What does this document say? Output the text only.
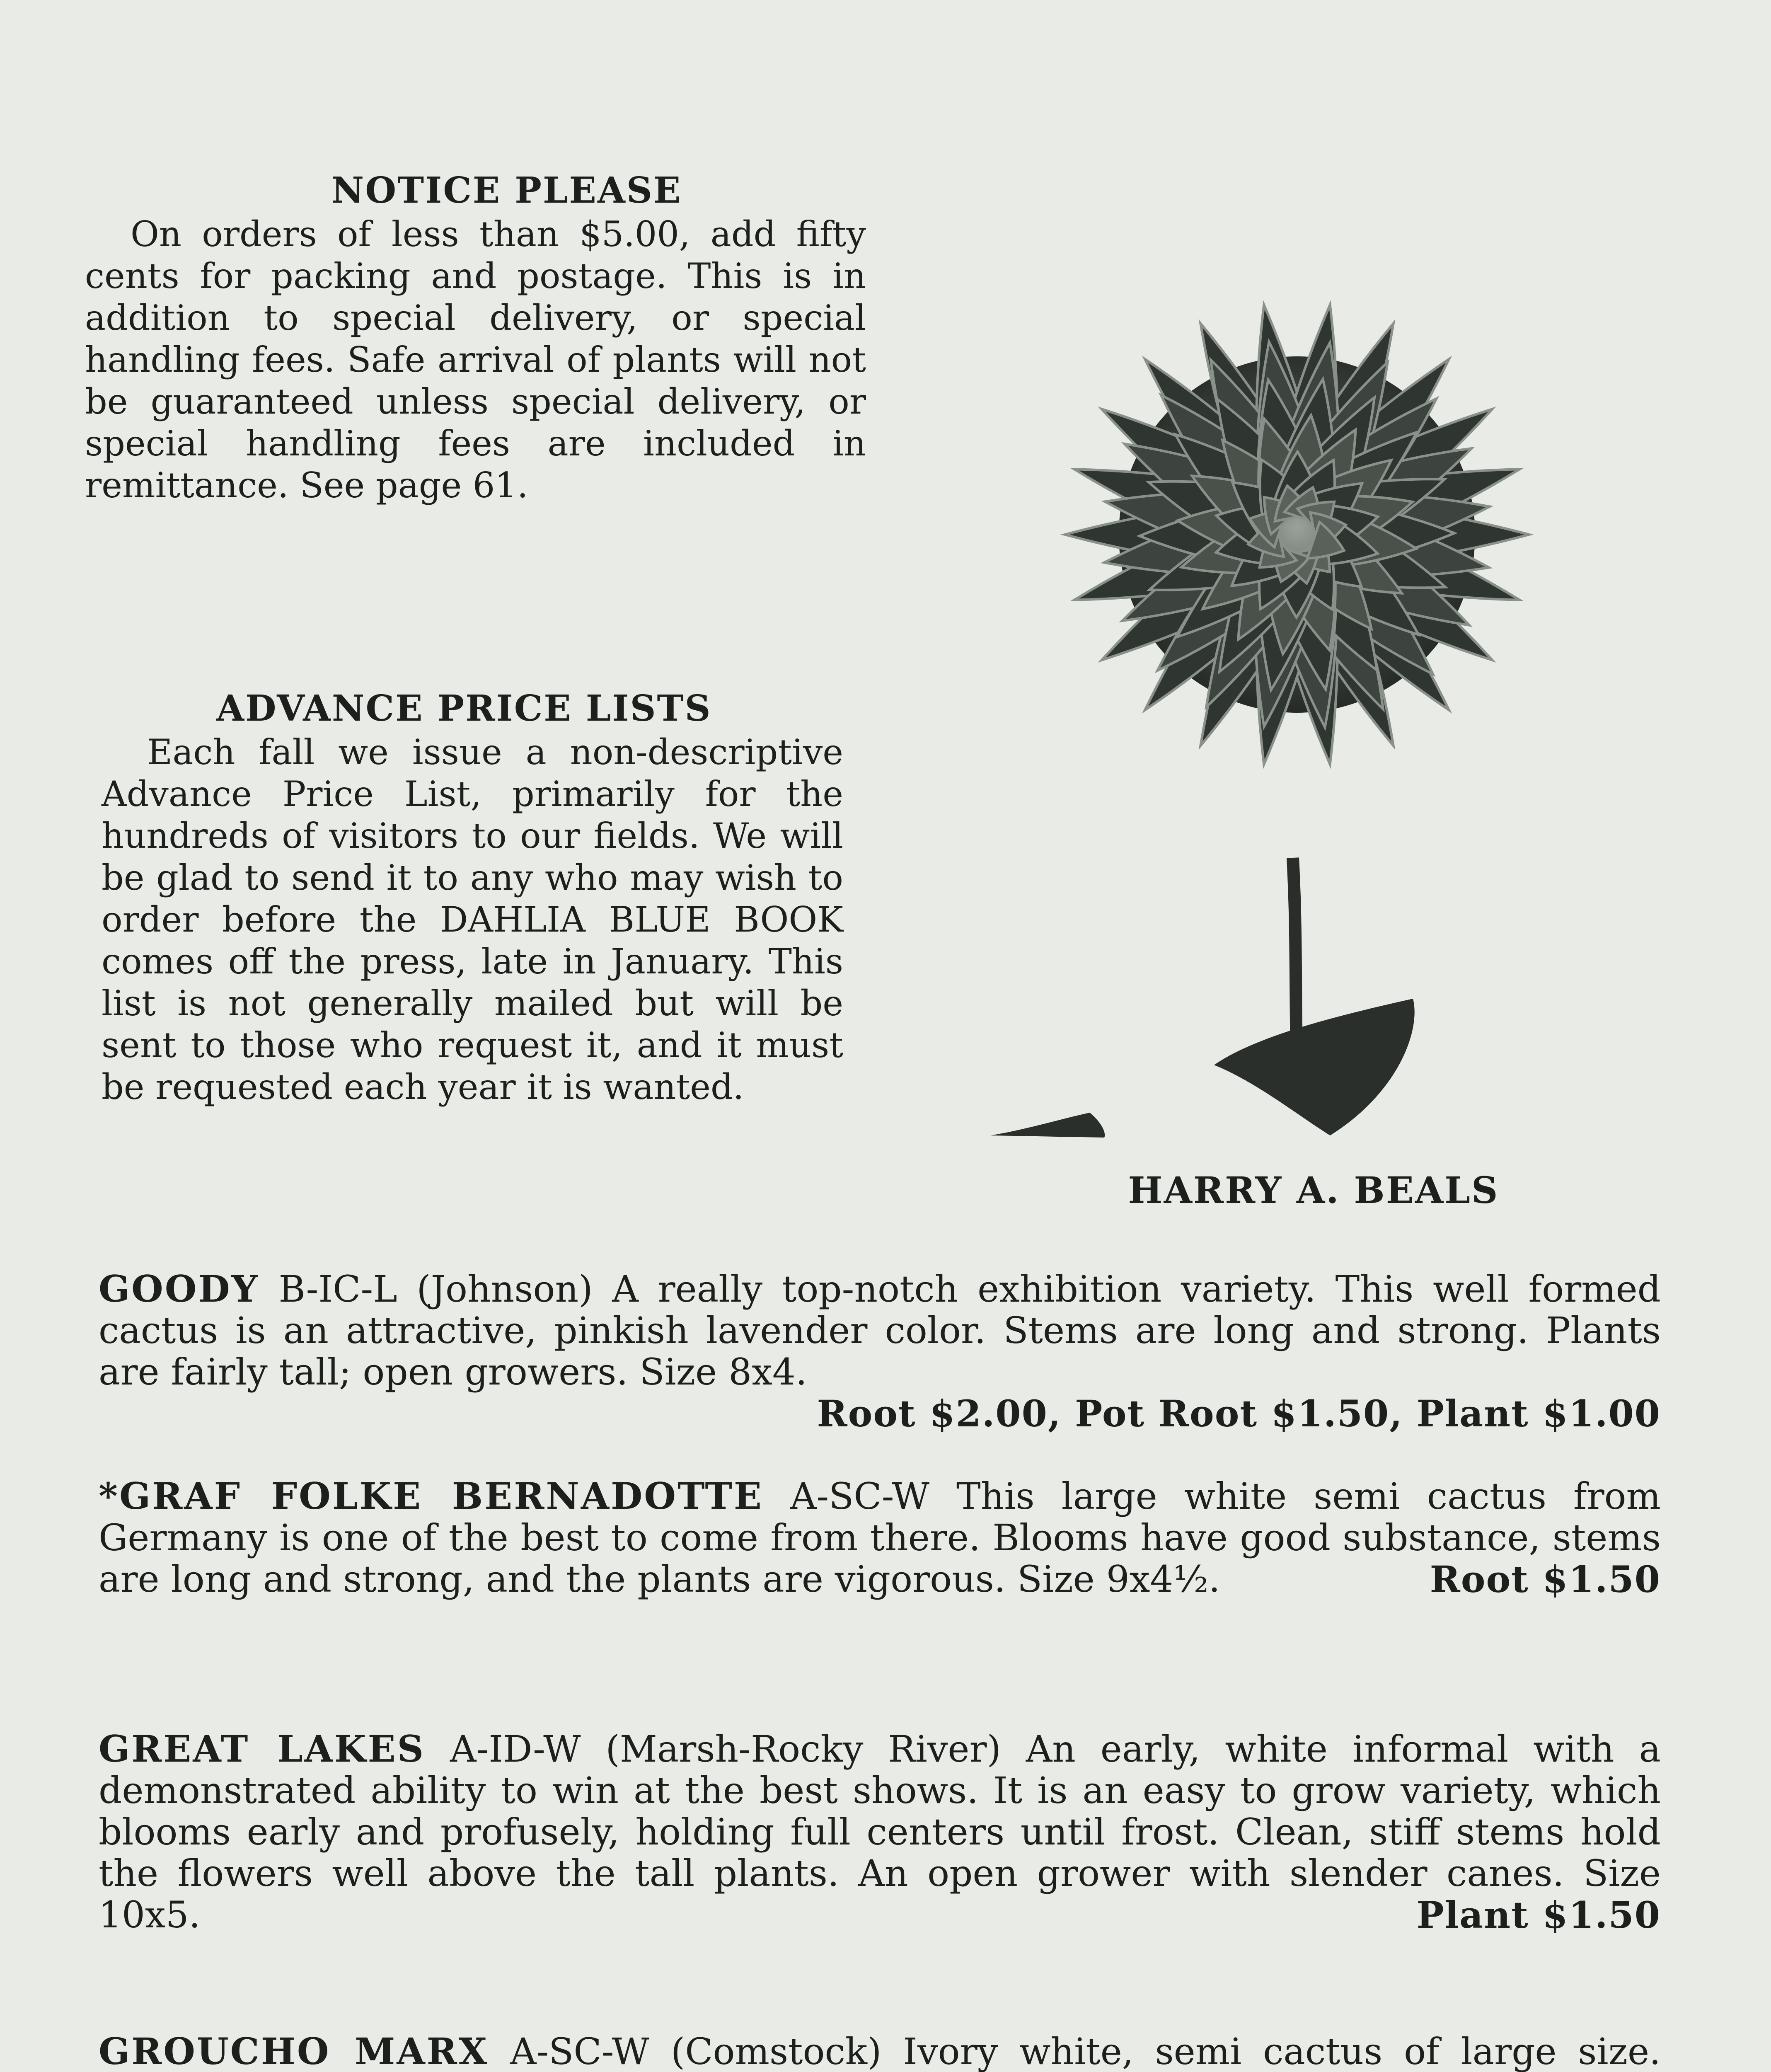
NOTICE PLEASE

On orders of less than $5.00, add fifty cents for packing and postage. This is in addition to special delivery, or special handling fees. Safe arrival of plants will not be guaranteed unless special delivery, or special handling fees are included in remittance. See page 61.

ADVANCE PRICE LISTS

Each fall we issue a non-descriptive Advance Price List, primarily for the hundreds of visitors to our fields. We will be glad to send it to any who may wish to order before the DAHLIA BLUE BOOK comes off the press, late in January. This list is not generally mailed but will be sent to those who request it, and it must be requested each year it is wanted.

HARRY A. BEALS
GOODY B-IC-L (Johnson) A really top-notch exhibition variety. This well formed cactus is an attractive, pinkish lavender color. Stems are long and strong. Plants are fairly tall; open growers. Size 8x4.
Root $2.00, Pot Root $1.50, Plant $1.00
*GRAF FOLKE BERNADOTTE A-SC-W This large white semi cactus from Germany is one of the best to come from there. Blooms have good substance, stems are long and strong, and the plants are vigorous. Size 9x4½.	Root $1.50
GREAT LAKES A-ID-W (Marsh-Rocky River) An early, white informal with a demonstrated ability to win at the best shows. It is an easy to grow variety, which blooms early and profusely, holding full centers until frost. Clean, stiff stems hold the flowers well above the tall plants. An open grower with slender canes. Size 10x5.	Plant $1.50
GROUCHO MARX A-SC-W (Comstock) Ivory white, semi cactus of large size.
